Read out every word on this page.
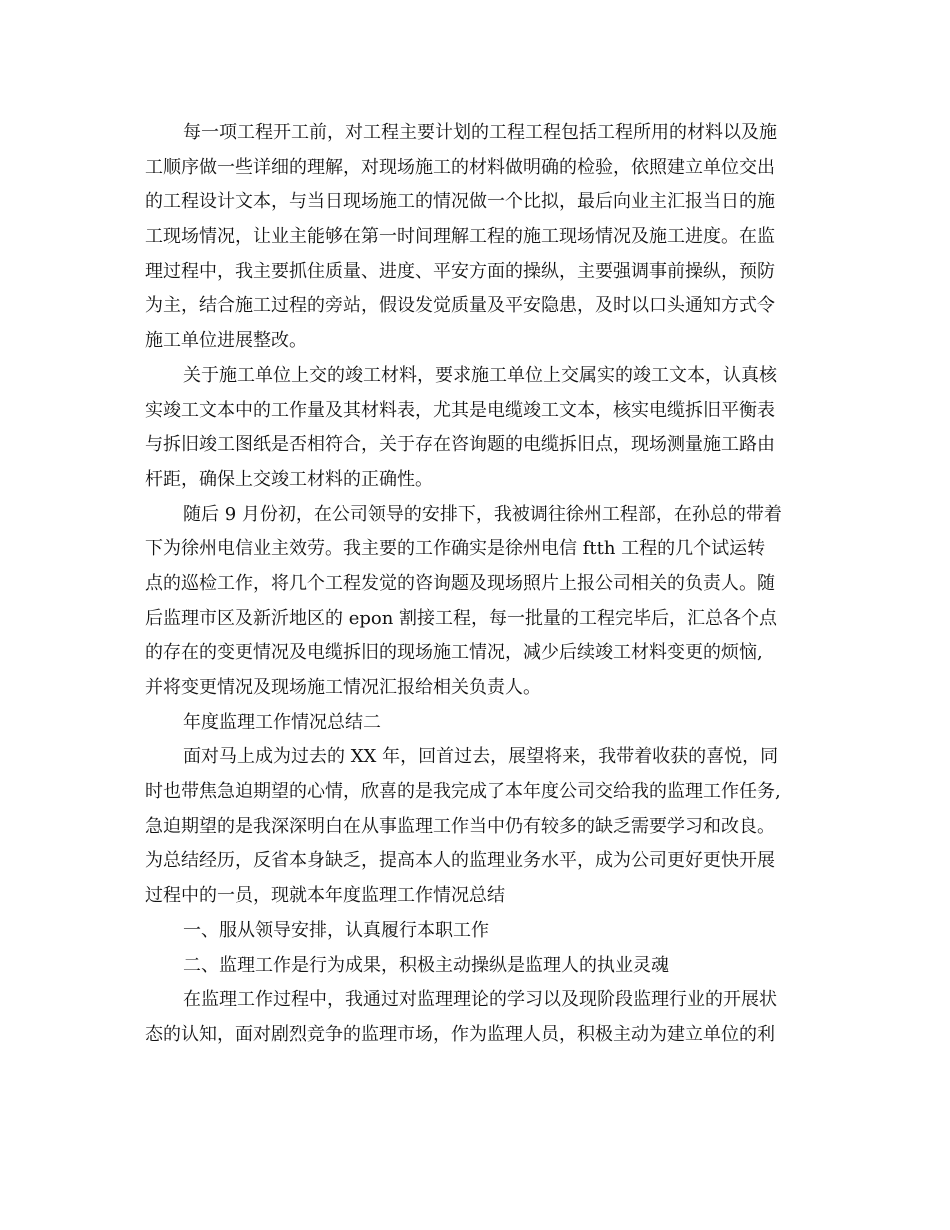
每一项工程开工前，对工程主要计划的工程工程包括工程所用的材料以及施
工顺序做一些详细的理解，对现场施工的材料做明确的检验，依照建立单位交出
的工程设计文本，与当日现场施工的情况做一个比拟，最后向业主汇报当日的施
工现场情况，让业主能够在第一时间理解工程的施工现场情况及施工进度。在监
理过程中，我主要抓住质量、进度、平安方面的操纵，主要强调事前操纵，预防
为主，结合施工过程的旁站，假设发觉质量及平安隐患，及时以口头通知方式令
施工单位进展整改。
关于施工单位上交的竣工材料，要求施工单位上交属实的竣工文本，认真核
实竣工文本中的工作量及其材料表，尤其是电缆竣工文本，核实电缆拆旧平衡表
与拆旧竣工图纸是否相符合，关于存在咨询题的电缆拆旧点，现场测量施工路由
杆距，确保上交竣工材料的正确性。
随后 9 月份初，在公司领导的安排下，我被调往徐州工程部，在孙总的带着
下为徐州电信业主效劳。我主要的工作确实是徐州电信 ftth 工程的几个试运转
点的巡检工作，将几个工程发觉的咨询题及现场照片上报公司相关的负责人。随
后监理市区及新沂地区的 epon 割接工程，每一批量的工程完毕后，汇总各个点
的存在的变更情况及电缆拆旧的现场施工情况，减少后续竣工材料变更的烦恼,
并将变更情况及现场施工情况汇报给相关负责人。
年度监理工作情况总结二
面对马上成为过去的 XX 年，回首过去，展望将来，我带着收获的喜悦，同
时也带焦急迫期望的心情，欣喜的是我完成了本年度公司交给我的监理工作任务,
急迫期望的是我深深明白在从事监理工作当中仍有较多的缺乏需要学习和改良。
为总结经历，反省本身缺乏，提高本人的监理业务水平，成为公司更好更快开展
过程中的一员，现就本年度监理工作情况总结
一、服从领导安排，认真履行本职工作
二、监理工作是行为成果，积极主动操纵是监理人的执业灵魂
在监理工作过程中，我通过对监理理论的学习以及现阶段监理行业的开展状
态的认知，面对剧烈竞争的监理市场，作为监理人员，积极主动为建立单位的利
